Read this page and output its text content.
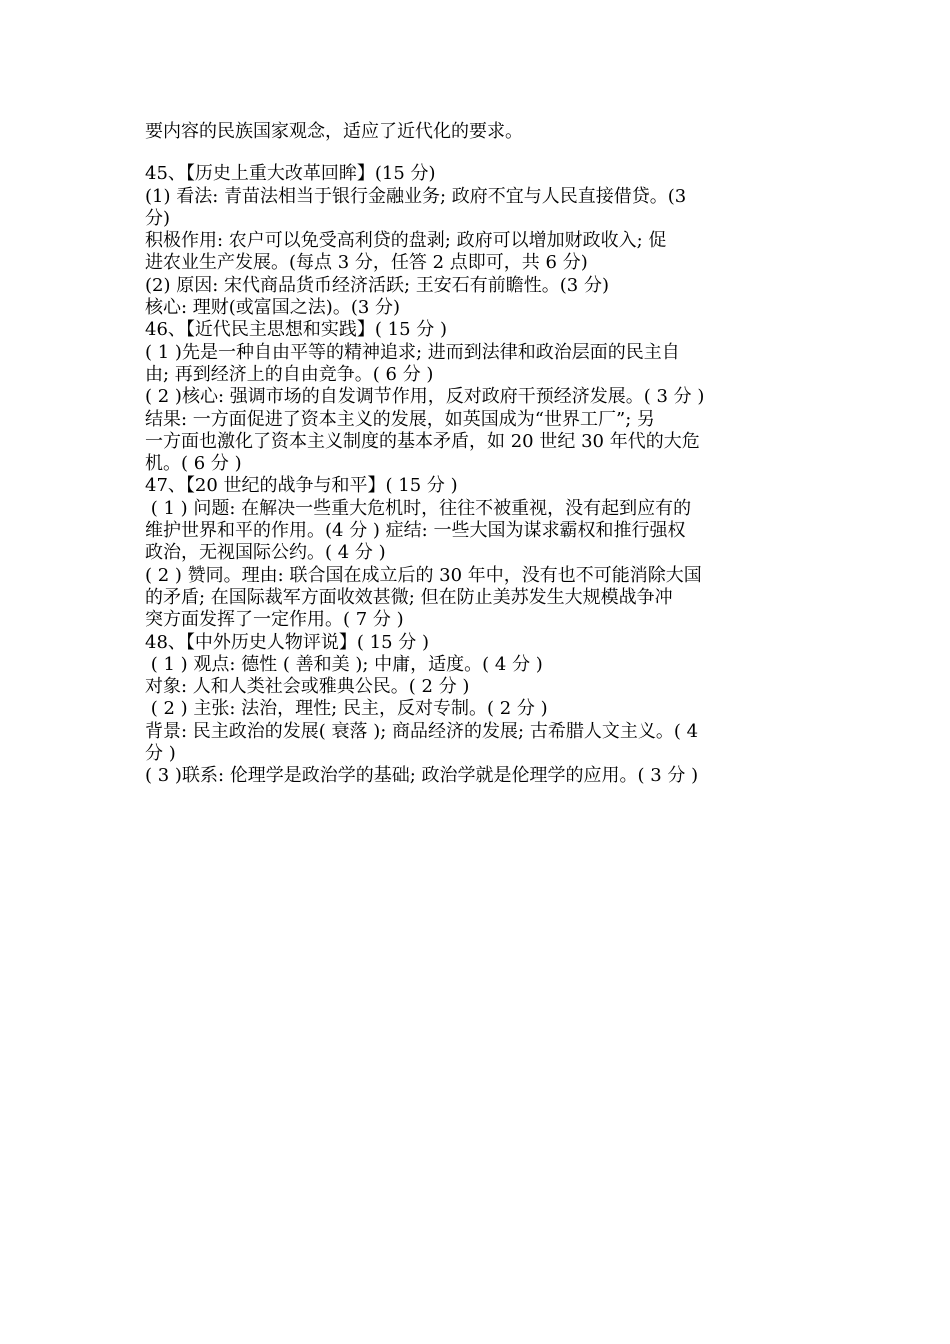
要内容的民族国家观念，适应了近代化的要求。
45、【历史上重大改革回眸】(15 分)
(1) 看法: 青苗法相当于银行金融业务; 政府不宜与人民直接借贷。(3
分)
积极作用: 农户可以免受高利贷的盘剥; 政府可以增加财政收入; 促
进农业生产发展。(每点 3 分，任答 2 点即可，共 6 分)
(2) 原因: 宋代商品货币经济活跃; 王安石有前瞻性。(3 分)
核心: 理财(或富国之法)。(3 分)
46、【近代民主思想和实践】( 15 分 )
( 1 )先是一种自由平等的精神追求; 进而到法律和政治层面的民主自
由; 再到经济上的自由竞争。( 6 分 )
( 2 )核心: 强调市场的自发调节作用，反对政府干预经济发展。( 3 分 )
结果: 一方面促进了资本主义的发展，如英国成为“世界工厂”; 另
一方面也激化了资本主义制度的基本矛盾，如 20 世纪 30 年代的大危
机。( 6 分 )
47、【20 世纪的战争与和平】( 15 分 )
( 1 ) 问题: 在解决一些重大危机时，往往不被重视，没有起到应有的
维护世界和平的作用。(4 分 ) 症结: 一些大国为谋求霸权和推行强权
政治，无视国际公约。( 4 分 )
( 2 ) 赞同。理由: 联合国在成立后的 30 年中，没有也不可能消除大国
的矛盾; 在国际裁军方面收效甚微; 但在防止美苏发生大规模战争冲
突方面发挥了一定作用。( 7 分 )
48、【中外历史人物评说】( 15 分 )
( 1 ) 观点: 德性 ( 善和美 ); 中庸，适度。( 4 分 )
对象: 人和人类社会或雅典公民。( 2 分 )
( 2 ) 主张: 法治，理性; 民主，反对专制。( 2 分 )
背景: 民主政治的发展( 衰落 ); 商品经济的发展; 古希腊人文主义。( 4
分 )
( 3 )联系: 伦理学是政治学的基础; 政治学就是伦理学的应用。( 3 分 )
